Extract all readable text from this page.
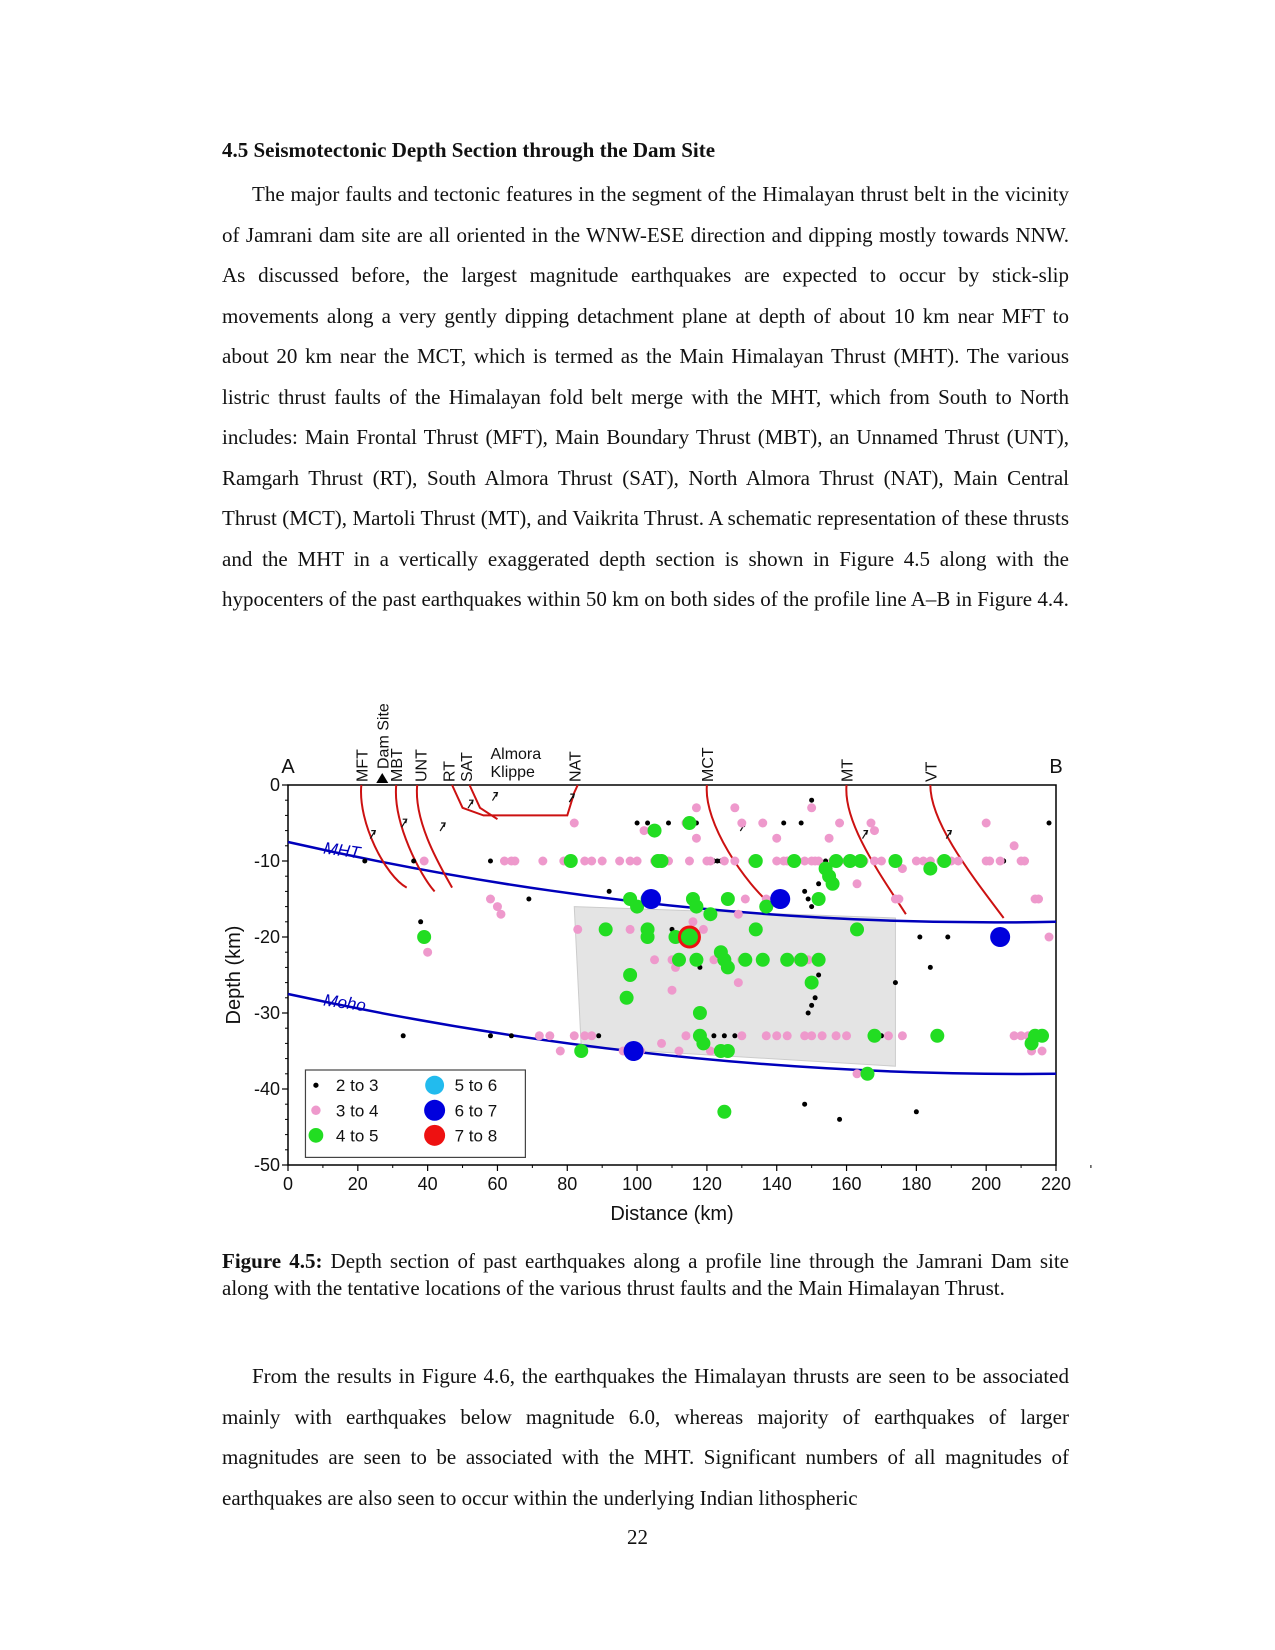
4.5 Seismotectonic Depth Section through the Dam Site
The major faults and tectonic features in the segment of the Himalayan thrust belt in the vicinity of Jamrani dam site are all oriented in the WNW-ESE direction and dipping mostly towards NNW. As discussed before, the largest magnitude earthquakes are expected to occur by stick-slip movements along a very gently dipping detachment plane at depth of about 10 km near MFT to about 20 km near the MCT, which is termed as the Main Himalayan Thrust (MHT). The various listric thrust faults of the Himalayan fold belt merge with the MHT, which from South to North includes: Main Frontal Thrust (MFT), Main Boundary Thrust (MBT), an Unnamed Thrust (UNT), Ramgarh Thrust (RT), South Almora Thrust (SAT), North Almora Thrust (NAT), Main Central Thrust (MCT), Martoli Thrust (MT), and Vaikrita Thrust. A schematic representation of these thrusts and the MHT in a vertically exaggerated depth section is shown in Figure 4.5 along with the hypocenters of the past earthquakes within 50 km on both sides of the profile line A–B in Figure 4.4.
0	20	40	60	80 100 120 140 160 180 200 220
0
-10
-20
-30
-40
-50
Distance (km)
Depth (km)
A	B
MFT Dam Site
MBT UNT RT SAT	NAT	MCT	MT	VT
Almora
Klippe
MHT
Moho
2 to 3
3 to 4
4 to 5
5 to 6
6 to 7
7 to 8
Figure 4.5: Depth section of past earthquakes along a profile line through the Jamrani Dam site along with the tentative locations of the various thrust faults and the Main Himalayan Thrust.
From the results in Figure 4.6, the earthquakes the Himalayan thrusts are seen to be associated mainly with earthquakes below magnitude 6.0, whereas majority of earthquakes of larger magnitudes are seen to be associated with the MHT. Significant numbers of all magnitudes of earthquakes are also seen to occur within the underlying Indian lithospheric
22
